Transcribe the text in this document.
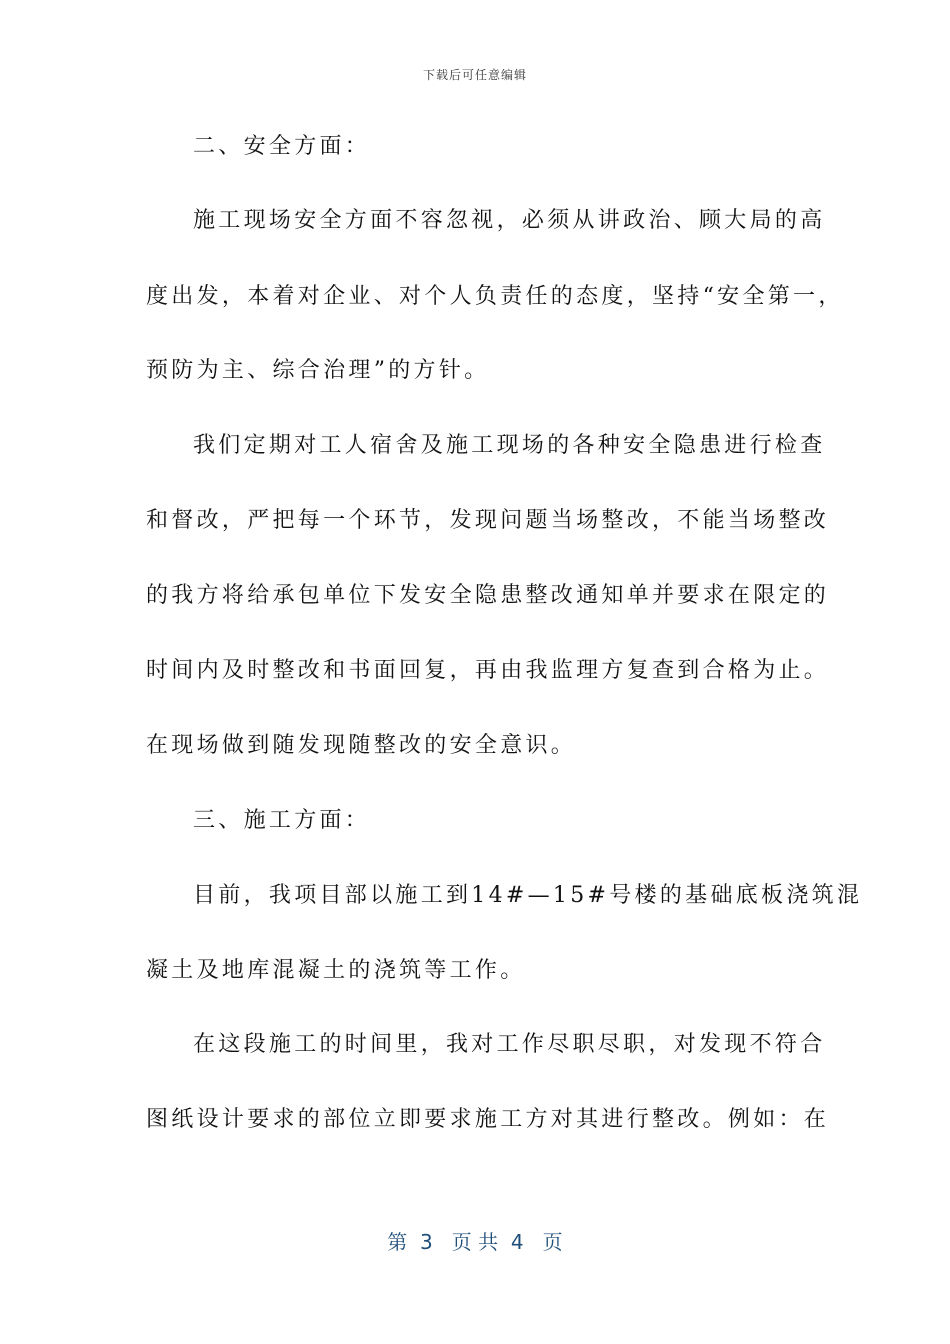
下载后可任意编辑
二、安全方面：
施工现场安全方面不容忽视，必须从讲政治、顾大局的高
度出发，本着对企业、对个人负责任的态度，坚持“安全第一，
预防为主、综合治理”的方针。
我们定期对工人宿舍及施工现场的各种安全隐患进行检查
和督改，严把每一个环节，发现问题当场整改，不能当场整改
的我方将给承包单位下发安全隐患整改通知单并要求在限定的
时间内及时整改和书面回复，再由我监理方复查到合格为止。
在现场做到随发现随整改的安全意识。
三、施工方面：
目前，我项目部以施工到14#—15#号楼的基础底板浇筑混
凝土及地库混凝土的浇筑等工作。
在这段施工的时间里，我对工作尽职尽职，对发现不符合
图纸设计要求的部位立即要求施工方对其进行整改。例如：在
第  3   页 共  4   页
